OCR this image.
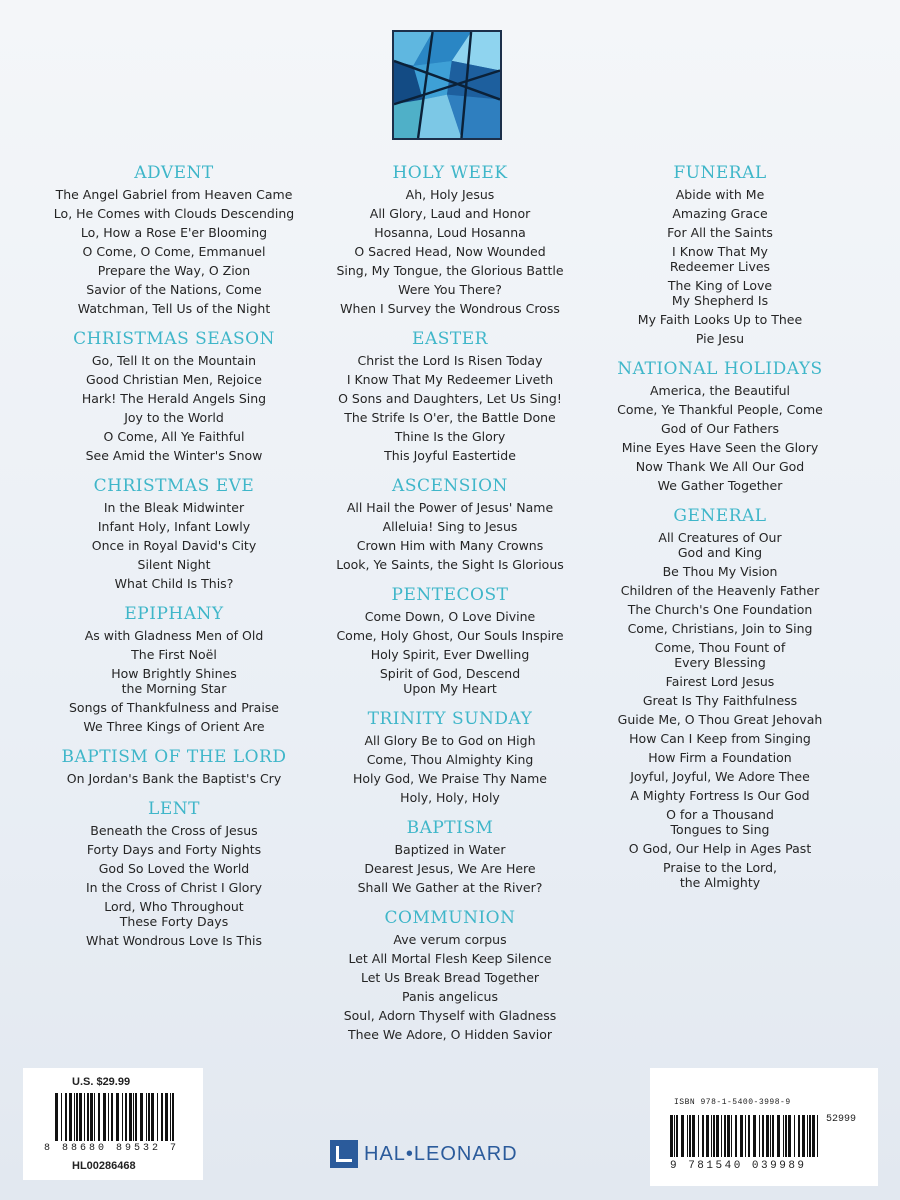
ADVENT
The Angel Gabriel from Heaven Came
Lo, He Comes with Clouds Descending
Lo, How a Rose E'er Blooming
O Come, O Come, Emmanuel
Prepare the Way, O Zion
Savior of the Nations, Come
Watchman, Tell Us of the Night
CHRISTMAS SEASON
Go, Tell It on the Mountain
Good Christian Men, Rejoice
Hark! The Herald Angels Sing
Joy to the World
O Come, All Ye Faithful
See Amid the Winter's Snow
CHRISTMAS EVE
In the Bleak Midwinter
Infant Holy, Infant Lowly
Once in Royal David's City
Silent Night
What Child Is This?
EPIPHANY
As with Gladness Men of Old
The First Noël
How Brightly Shines
the Morning Star
Songs of Thankfulness and Praise
We Three Kings of Orient Are
BAPTISM OF THE LORD
On Jordan's Bank the Baptist's Cry
LENT
Beneath the Cross of Jesus
Forty Days and Forty Nights
God So Loved the World
In the Cross of Christ I Glory
Lord, Who Throughout
These Forty Days
What Wondrous Love Is This
HOLY WEEK
Ah, Holy Jesus
All Glory, Laud and Honor
Hosanna, Loud Hosanna
O Sacred Head, Now Wounded
Sing, My Tongue, the Glorious Battle
Were You There?
When I Survey the Wondrous Cross
EASTER
Christ the Lord Is Risen Today
I Know That My Redeemer Liveth
O Sons and Daughters, Let Us Sing!
The Strife Is O'er, the Battle Done
Thine Is the Glory
This Joyful Eastertide
ASCENSION
All Hail the Power of Jesus' Name
Alleluia! Sing to Jesus
Crown Him with Many Crowns
Look, Ye Saints, the Sight Is Glorious
PENTECOST
Come Down, O Love Divine
Come, Holy Ghost, Our Souls Inspire
Holy Spirit, Ever Dwelling
Spirit of God, Descend
Upon My Heart
TRINITY SUNDAY
All Glory Be to God on High
Come, Thou Almighty King
Holy God, We Praise Thy Name
Holy, Holy, Holy
BAPTISM
Baptized in Water
Dearest Jesus, We Are Here
Shall We Gather at the River?
COMMUNION
Ave verum corpus
Let All Mortal Flesh Keep Silence
Let Us Break Bread Together
Panis angelicus
Soul, Adorn Thyself with Gladness
Thee We Adore, O Hidden Savior
FUNERAL
Abide with Me
Amazing Grace
For All the Saints
I Know That My
Redeemer Lives
The King of Love
My Shepherd Is
My Faith Looks Up to Thee
Pie Jesu
NATIONAL HOLIDAYS
America, the Beautiful
Come, Ye Thankful People, Come
God of Our Fathers
Mine Eyes Have Seen the Glory
Now Thank We All Our God
We Gather Together
GENERAL
All Creatures of Our
God and King
Be Thou My Vision
Children of the Heavenly Father
The Church's One Foundation
Come, Christians, Join to Sing
Come, Thou Fount of
Every Blessing
Fairest Lord Jesus
Great Is Thy Faithfulness
Guide Me, O Thou Great Jehovah
How Can I Keep from Singing
How Firm a Foundation
Joyful, Joyful, We Adore Thee
A Mighty Fortress Is Our God
O for a Thousand
Tongues to Sing
O God, Our Help in Ages Past
Praise to the Lord,
the Almighty
U.S. $29.99
8 88680 89532 7
HL00286468
HAL•LEONARD
ISBN 978-1-5400-3998-9
52999
9 781540 039989
